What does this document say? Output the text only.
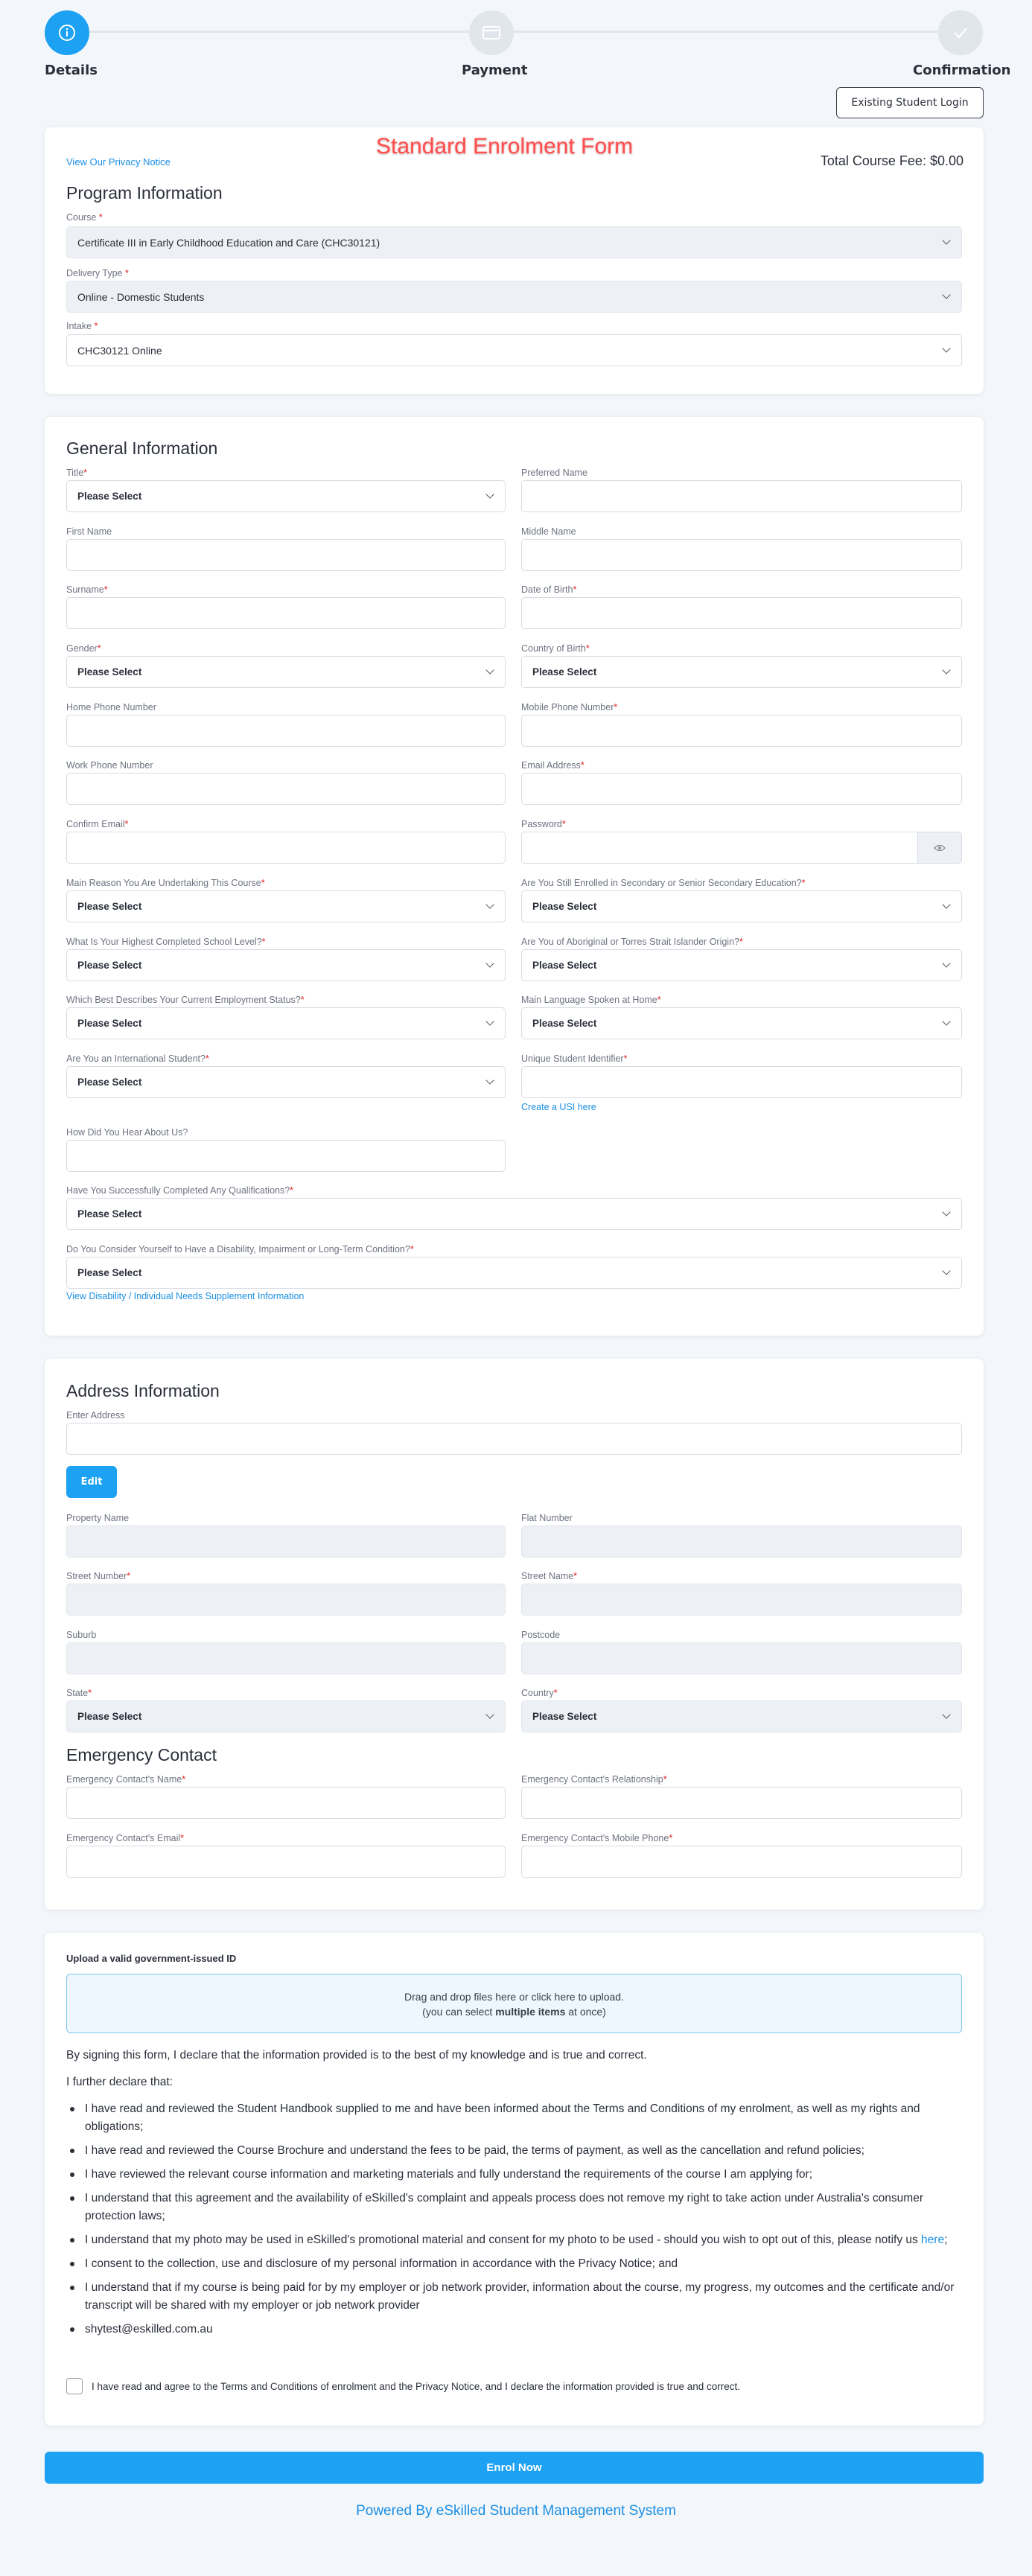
Details	Payment	Confirmation
Existing Student Login
Standard Enrolment Form
View Our Privacy Notice	Total Course Fee: $0.00
Program Information
Course *
Certificate III in Early Childhood Education and Care (CHC30121)
Delivery Type *
Online - Domestic Students
Intake *
CHC30121 Online
General Information
Title*
Please Select
Preferred Name
First Name	Middle Name
Surname*	Date of Birth*
Gender*
Please Select
Country of Birth*
Please Select
Home Phone Number	Mobile Phone Number*
Work Phone Number	Email Address*
Confirm Email*	Password*
Main Reason You Are Undertaking This Course*
Please Select
Are You Still Enrolled in Secondary or Senior Secondary Education?*
Please Select
What Is Your Highest Completed School Level?*
Please Select
Are You of Aboriginal or Torres Strait Islander Origin?*
Please Select
Which Best Describes Your Current Employment Status?*
Please Select
Main Language Spoken at Home*
Please Select
Are You an International Student?*
Please Select
Unique Student Identifier*
Create a USI here
How Did You Hear About Us?
Have You Successfully Completed Any Qualifications?*
Please Select
Do You Consider Yourself to Have a Disability, Impairment or Long-Term Condition?*
Please Select
View Disability / Individual Needs Supplement Information
Address Information
Enter Address
Edit
Property Name	Flat Number
Street Number*	Street Name*
Suburb	Postcode
State*
Please Select
Country*
Please Select
Emergency Contact
Emergency Contact's Name*	Emergency Contact's Relationship*
Emergency Contact's Email*	Emergency Contact's Mobile Phone*
Upload a valid government-issued ID
Drag and drop files here or click here to upload.
(you can select multiple items at once)

By signing this form, I declare that the information provided is to the best of my knowledge and is true and correct.

I further declare that:

I have read and reviewed the Student Handbook supplied to me and have been informed about the Terms and Conditions of my enrolment, as well as my rights and obligations;
I have read and reviewed the Course Brochure and understand the fees to be paid, the terms of payment, as well as the cancellation and refund policies;
I have reviewed the relevant course information and marketing materials and fully understand the requirements of the course I am applying for;
I understand that this agreement and the availability of eSkilled's complaint and appeals process does not remove my right to take action under Australia's consumer protection laws;
I understand that my photo may be used in eSkilled's promotional material and consent for my photo to be used - should you wish to opt out of this, please notify us here;
I consent to the collection, use and disclosure of my personal information in accordance with the Privacy Notice; and
I understand that if my course is being paid for by my employer or job network provider, information about the course, my progress, my outcomes and the certificate and/or transcript will be shared with my employer or job network provider
shytest@eskilled.com.au
I have read and agree to the Terms and Conditions of enrolment and the Privacy Notice, and I declare the information provided is true and correct.
Enrol Now
Powered By eSkilled Student Management System
